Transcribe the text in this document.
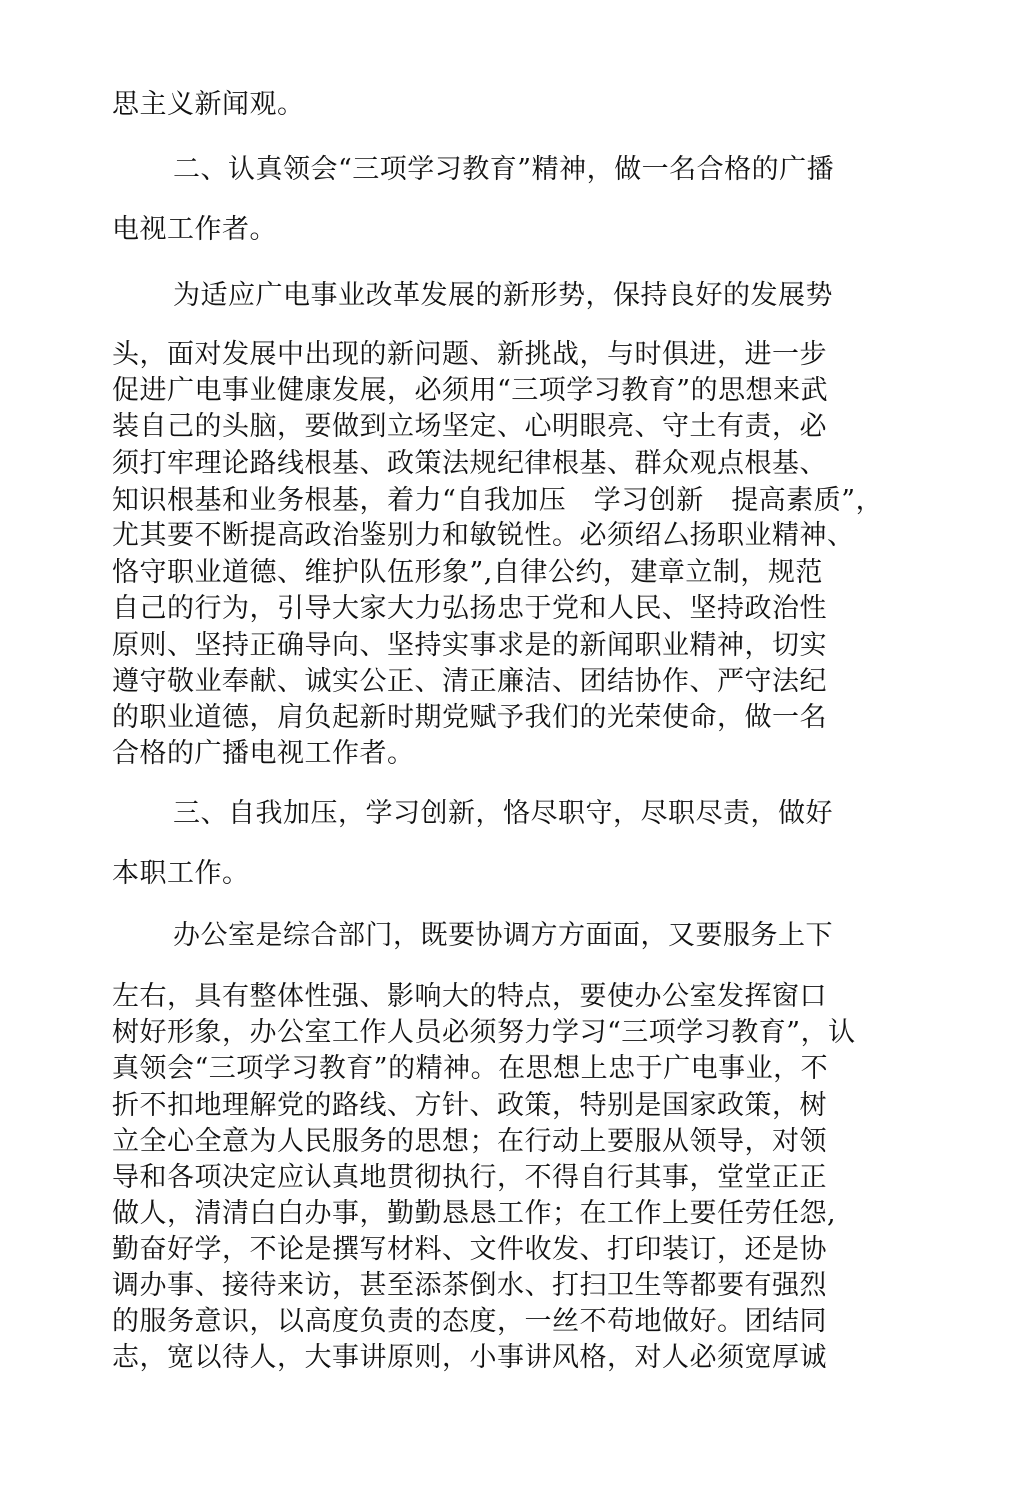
思主义新闻观。

二、认真领会“三项学习教育”精神，做一名合格的广播

电视工作者。

为适应广电事业改革发展的新形势，保持良好的发展势

头，面对发展中出现的新问题、新挑战，与时俱进，进一步

促进广电事业健康发展，必须用“三项学习教育”的思想来武

装自己的头脑，要做到立场坚定、心明眼亮、守土有责，必

须打牢理论路线根基、政策法规纪律根基、群众观点根基、

知识根基和业务根基，着力“自我加压　学习创新　提高素质”，

尤其要不断提高政治鉴别力和敏锐性。必须绍厶扬职业精神、

恪守职业道德、维护队伍形象”,自律公约，建章立制，规范

自己的行为，引导大家大力弘扬忠于党和人民、坚持政治性

原则、坚持正确导向、坚持实事求是的新闻职业精神，切实

遵守敬业奉献、诚实公正、清正廉洁、团结协作、严守法纪

的职业道德，肩负起新时期党赋予我们的光荣使命，做一名

合格的广播电视工作者。

三、自我加压，学习创新，恪尽职守，尽职尽责，做好

本职工作。

办公室是综合部门，既要协调方方面面，又要服务上下

左右，具有整体性强、影响大的特点，要使办公室发挥窗口

树好形象，办公室工作人员必须努力学习“三项学习教育”，认

真领会“三项学习教育”的精神。在思想上忠于广电事业，不

折不扣地理解党的路线、方针、政策，特别是国家政策，树

立全心全意为人民服务的思想；在行动上要服从领导，对领

导和各项决定应认真地贯彻执行，不得自行其事，堂堂正正

做人，清清白白办事，勤勤恳恳工作；在工作上要任劳任怨,

勤奋好学，不论是撰写材料、文件收发、打印装订，还是协

调办事、接待来访，甚至添茶倒水、打扫卫生等都要有强烈

的服务意识，以高度负责的态度，一丝不苟地做好。团结同

志，宽以待人，大事讲原则，小事讲风格，对人必须宽厚诚
